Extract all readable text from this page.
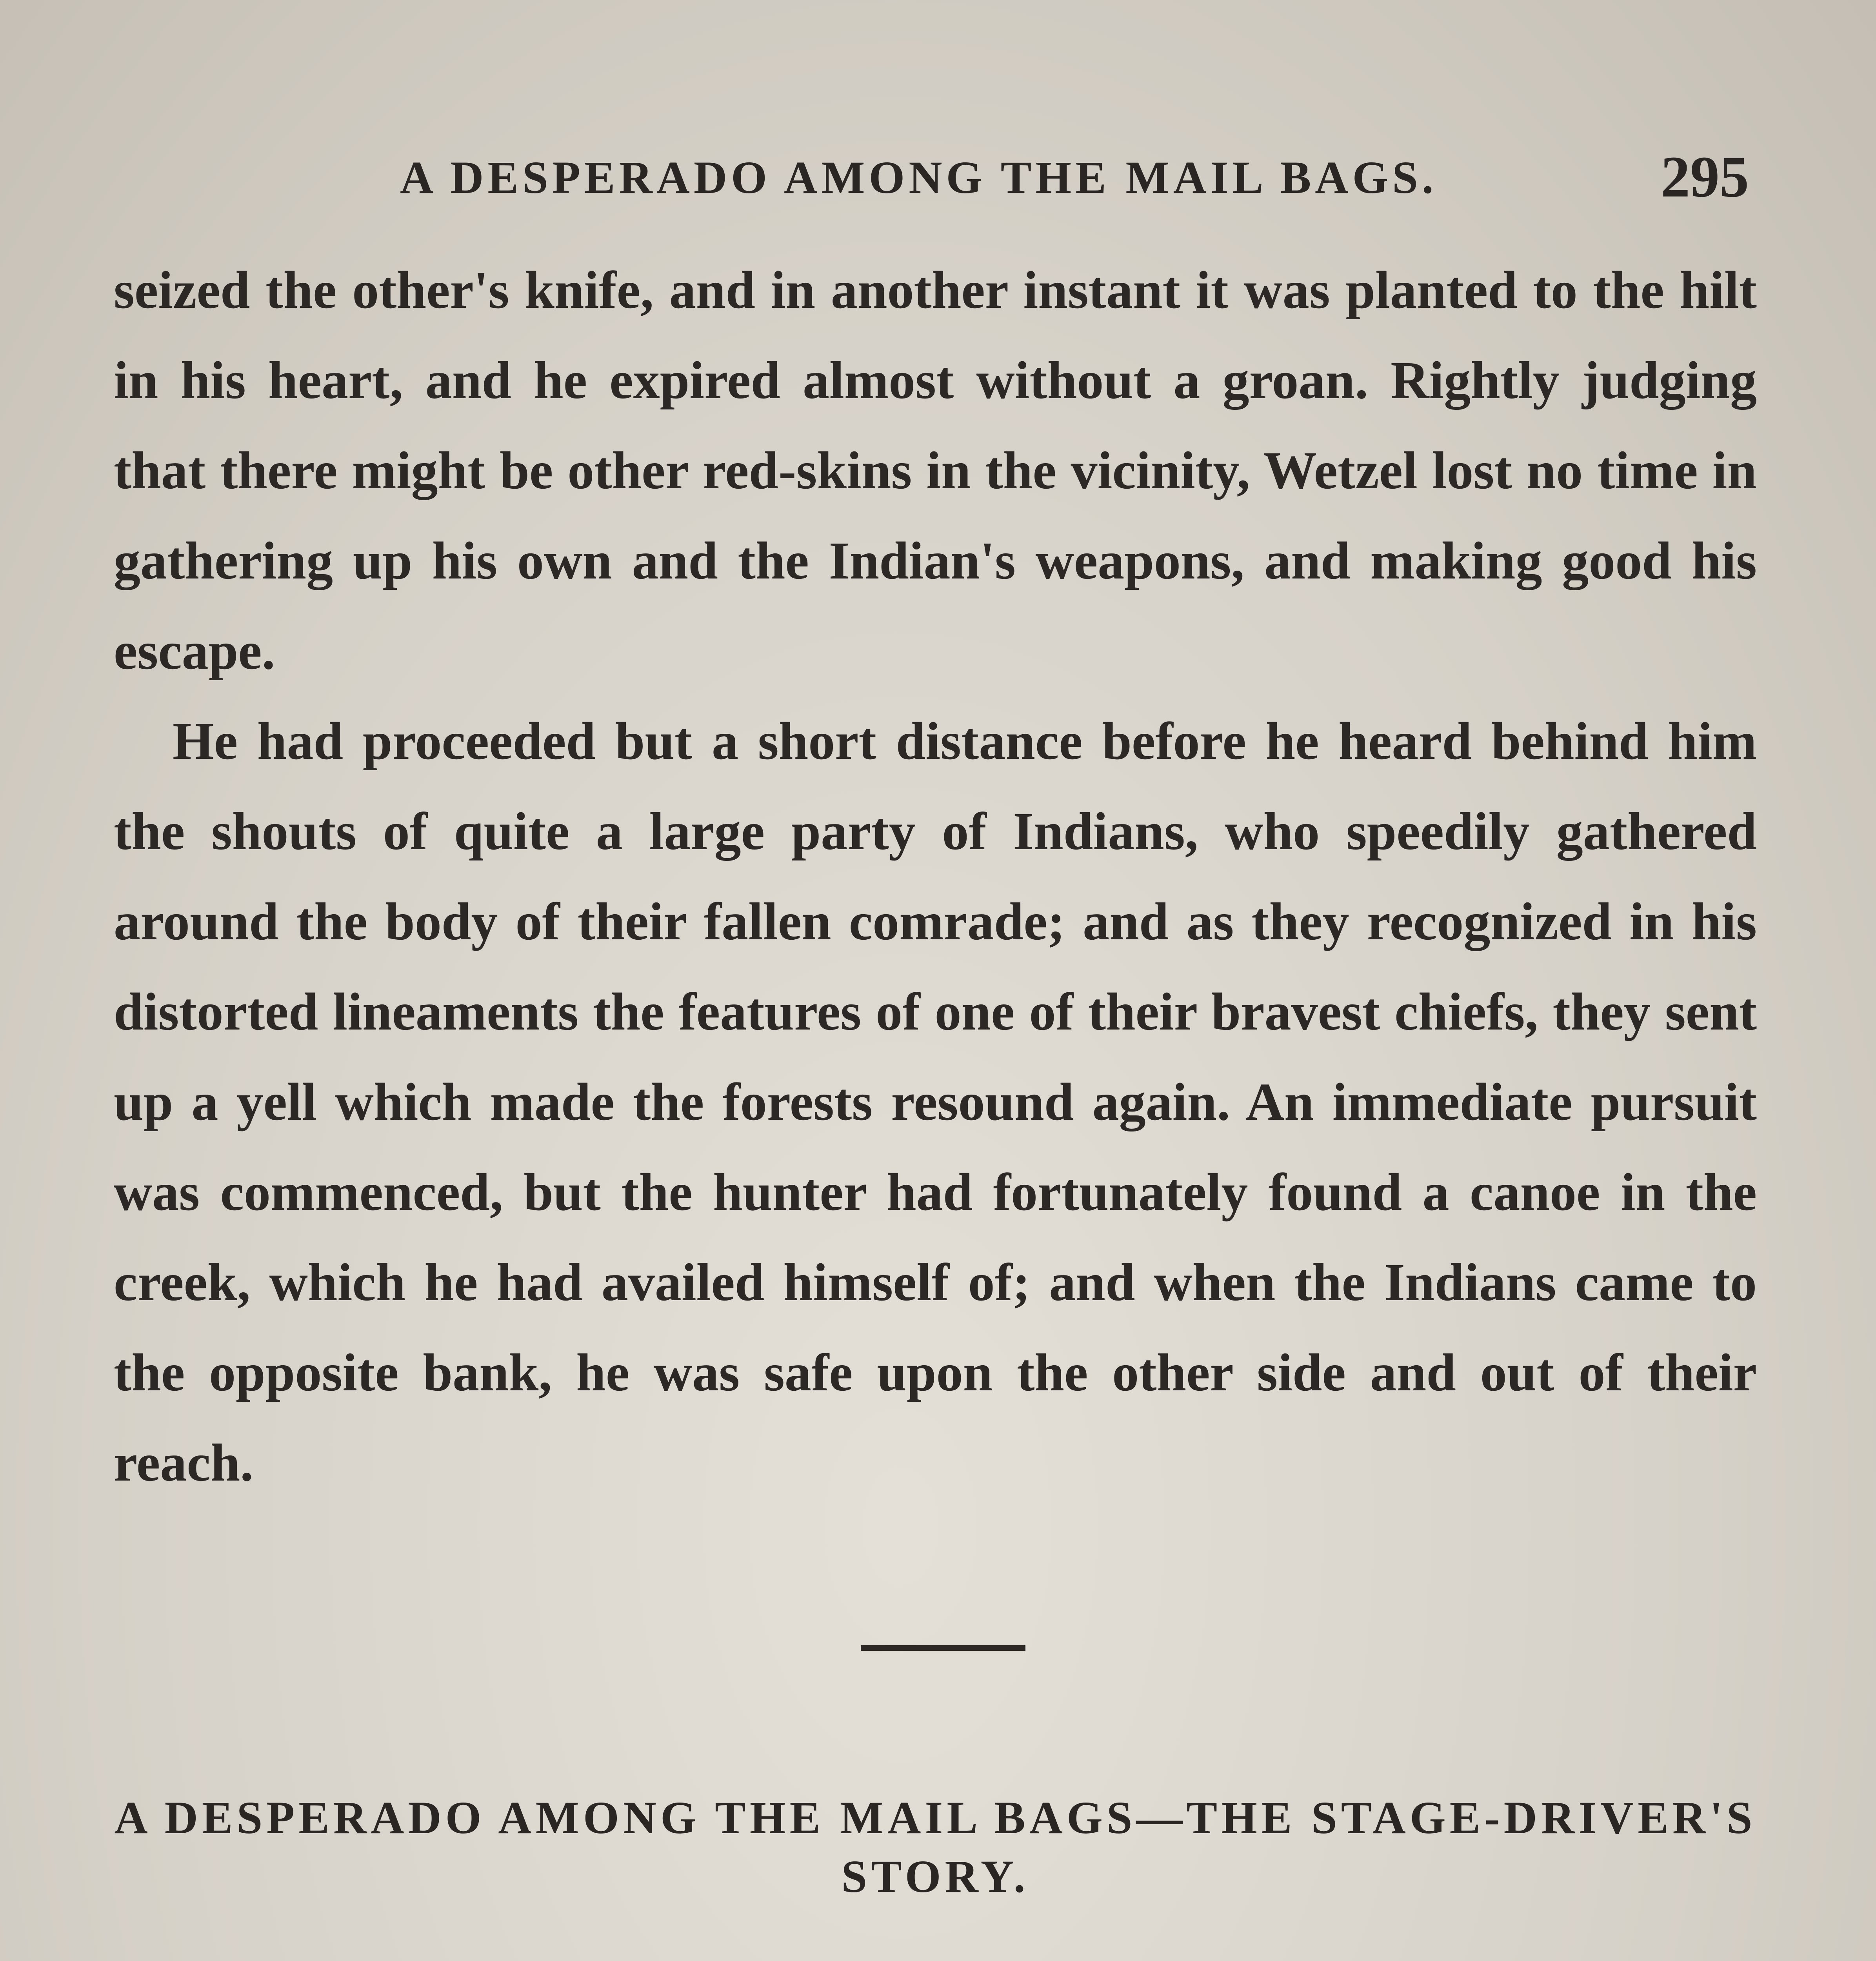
A DESPERADO AMONG THE MAIL BAGS.	295

seized the other's knife, and in another instant it was planted to the hilt in his heart, and he expired almost without a groan. Rightly judging that there might be other red-skins in the vicinity, Wetzel lost no time in gathering up his own and the Indian's weapons, and making good his escape.

He had proceeded but a short distance before he heard behind him the shouts of quite a large party of Indians, who speedily gathered around the body of their fallen comrade; and as they recognized in his distorted lineaments the features of one of their bravest chiefs, they sent up a yell which made the forests resound again. An immediate pursuit was commenced, but the hunter had fortunately found a canoe in the creek, which he had availed himself of; and when the Indians came to the opposite bank, he was safe upon the other side and out of their reach.

A DESPERADO AMONG THE MAIL BAGS—THE STAGE-DRIVER'S STORY.
